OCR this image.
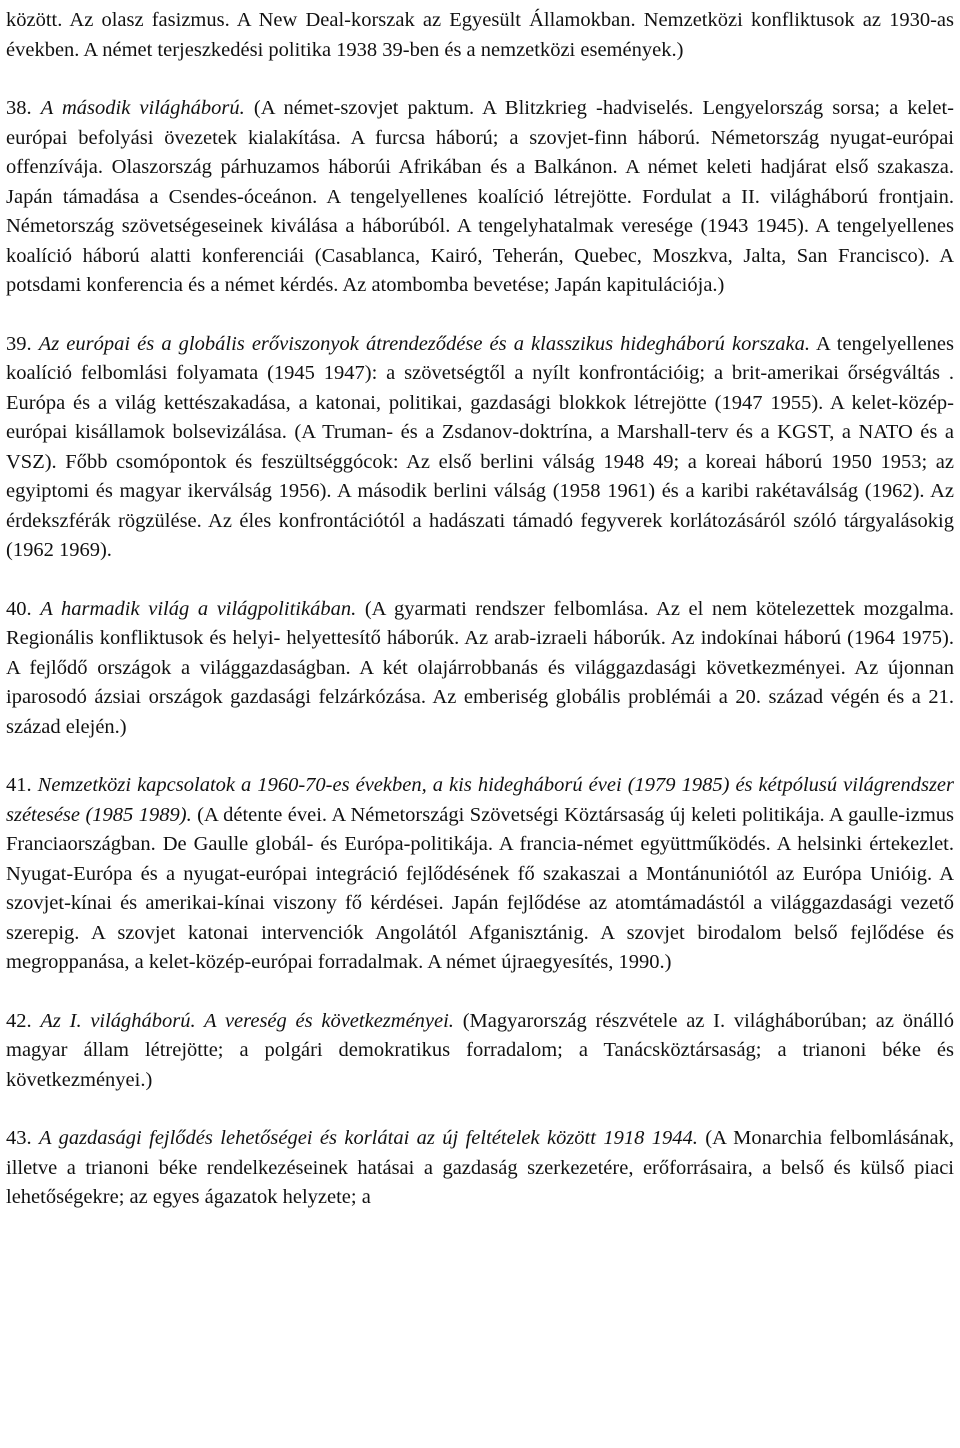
között. Az olasz fasizmus. A New Deal-korszak az Egyesült Államokban. Nemzetközi konfliktusok az 1930-as években. A német terjeszkedési politika 1938 39-ben és a nemzetközi események.)

38. A második világháború. (A német-szovjet paktum. A Blitzkrieg -hadviselés. Lengyelország sorsa; a kelet-európai befolyási övezetek kialakítása. A furcsa háború; a szovjet-finn háború. Németország nyugat-európai offenzívája. Olaszország párhuzamos háborúi Afrikában és a Balkánon. A német keleti hadjárat első szakasza. Japán támadása a Csendes-óceánon. A tengelyellenes koalíció létrejötte. Fordulat a II. világháború frontjain. Németország szövetségeseinek kiválása a háborúból. A tengelyhatalmak veresége (1943 1945). A tengelyellenes koalíció háború alatti konferenciái (Casablanca, Kairó, Teherán, Quebec, Moszkva, Jalta, San Francisco). A potsdami konferencia és a német kérdés. Az atombomba bevetése; Japán kapitulációja.)

39. Az európai és a globális erőviszonyok átrendeződése és a klasszikus hidegháború korszaka. A tengelyellenes koalíció felbomlási folyamata (1945 1947): a szövetségtől a nyílt konfrontációig; a brit-amerikai őrségváltás . Európa és a világ kettészakadása, a katonai, politikai, gazdasági blokkok létrejötte (1947 1955). A kelet-közép-európai kisállamok bolsevizálása. (A Truman- és a Zsdanov-doktrína, a Marshall-terv és a KGST, a NATO és a VSZ). Főbb csomópontok és feszültséggócok: Az első berlini válság 1948 49; a koreai háború 1950 1953; az egyiptomi és magyar ikerválság 1956). A második berlini válság (1958 1961) és a karibi rakétaválság (1962). Az érdekszférák rögzülése. Az éles konfrontációtól a hadászati támadó fegyverek korlátozásáról szóló tárgyalásokig (1962 1969).

40. A harmadik világ a világpolitikában. (A gyarmati rendszer felbomlása. Az el nem kötelezettek mozgalma. Regionális konfliktusok és helyi- helyettesítő háborúk. Az arab-izraeli háborúk. Az indokínai háború (1964 1975). A fejlődő országok a világgazdaságban. A két olajárrobbanás és világgazdasági következményei. Az újonnan iparosodó ázsiai országok gazdasági felzárkózása. Az emberiség globális problémái a 20. század végén és a 21. század elején.)

41. Nemzetközi kapcsolatok a 1960-70-es években, a kis hidegháború évei (1979 1985) és kétpólusú világrendszer szétesése (1985 1989). (A détente évei. A Németországi Szövetségi Köztársaság új keleti politikája. A gaulle-izmus Franciaországban. De Gaulle globál- és Európa-politikája. A francia-német együttműködés. A helsinki értekezlet. Nyugat-Európa és a nyugat-európai integráció fejlődésének fő szakaszai a Montánuniótól az Európa Unióig. A szovjet-kínai és amerikai-kínai viszony fő kérdései. Japán fejlődése az atomtámadástól a világgazdasági vezető szerepig. A szovjet katonai intervenciók Angolától Afganisztánig. A szovjet birodalom belső fejlődése és megroppanása, a kelet-közép-európai forradalmak. A német újraegyesítés, 1990.)

42. Az I. világháború. A vereség és következményei. (Magyarország részvétele az I. világháborúban; az önálló magyar állam létrejötte; a polgári demokratikus forradalom; a Tanácsköztársaság; a trianoni béke és következményei.)

43. A gazdasági fejlődés lehetőségei és korlátai az új feltételek között 1918 1944. (A Monarchia felbomlásának, illetve a trianoni béke rendelkezéseinek hatásai a gazdaság szerkezetére, erőforrásaira, a belső és külső piaci lehetőségekre; az egyes ágazatok helyzete; a
